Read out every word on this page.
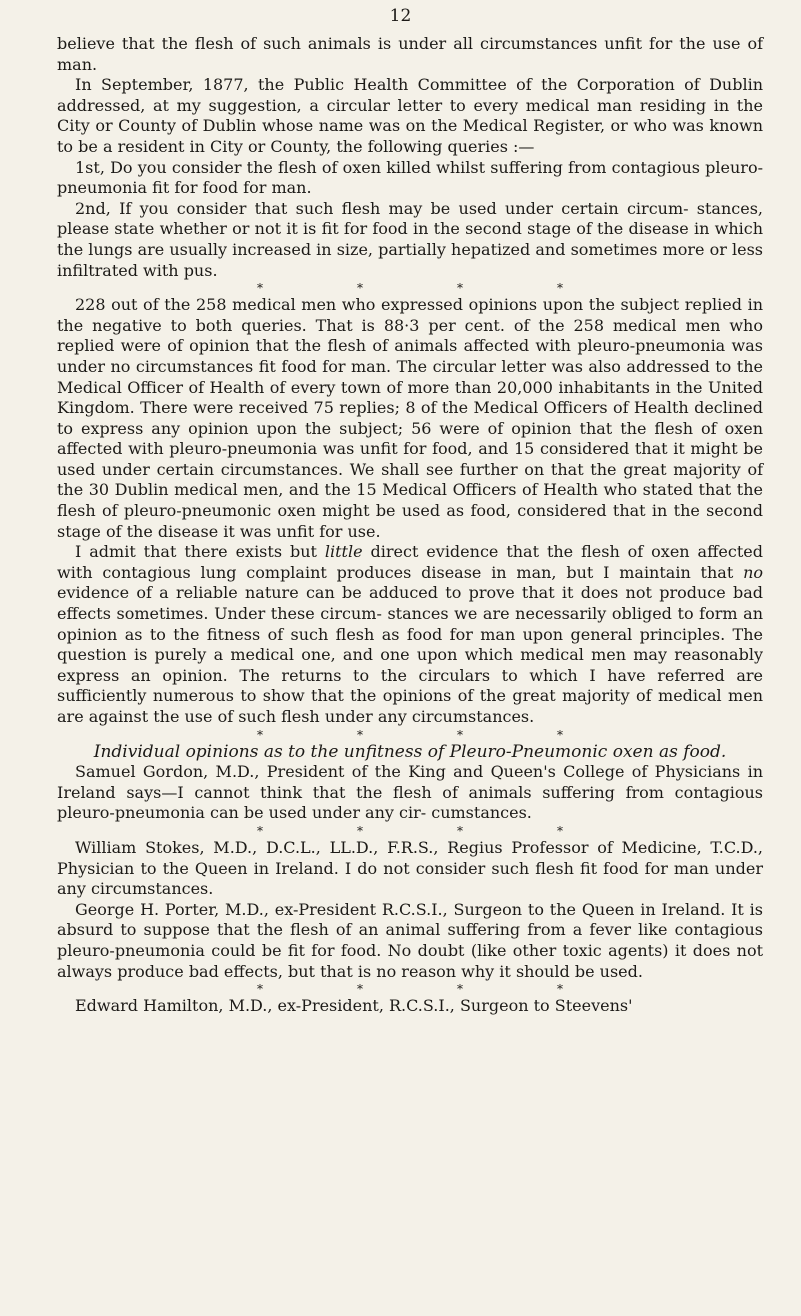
12

believe that the flesh of such animals is under all circumstances unfit for the use of man.

In September, 1877, the Public Health Committee of the Corporation of Dublin addressed, at my suggestion, a circular letter to every medical man residing in the City or County of Dublin whose name was on the Medical Register, or who was known to be a resident in City or County, the following queries :—

1st, Do you consider the flesh of oxen killed whilst suffering from contagious pleuro-pneumonia fit for food for man.

2nd, If you consider that such flesh may be used under certain circum- stances, please state whether or not it is fit for food in the second stage of the disease in which the lungs are usually increased in size, partially hepatized and sometimes more or less infiltrated with pus.

*	*	*	*

228 out of the 258 medical men who expressed opinions upon the subject replied in the negative to both queries. That is 88·3 per cent. of the 258 medical men who replied were of opinion that the flesh of animals affected with pleuro-pneumonia was under no circumstances fit food for man. The circular letter was also addressed to the Medical Officer of Health of every town of more than 20,000 inhabitants in the United Kingdom. There were received 75 replies; 8 of the Medical Officers of Health declined to express any opinion upon the subject; 56 were of opinion that the flesh of oxen affected with pleuro-pneumonia was unfit for food, and 15 considered that it might be used under certain circumstances. We shall see further on that the great majority of the 30 Dublin medical men, and the 15 Medical Officers of Health who stated that the flesh of pleuro-pneumonic oxen might be used as food, considered that in the second stage of the disease it was unfit for use.

I admit that there exists but little direct evidence that the flesh of oxen affected with contagious lung complaint produces disease in man, but I maintain that no evidence of a reliable nature can be adduced to prove that it does not produce bad effects sometimes. Under these circum- stances we are necessarily obliged to form an opinion as to the fitness of such flesh as food for man upon general principles. The question is purely a medical one, and one upon which medical men may reasonably express an opinion. The returns to the circulars to which I have referred are sufficiently numerous to show that the opinions of the great majority of medical men are against the use of such flesh under any circumstances.

*	*	*	*

Individual opinions as to the unfitness of Pleuro-Pneumonic oxen as food.

Samuel Gordon, M.D., President of the King and Queen's College of Physicians in Ireland says—I cannot think that the flesh of animals suffering from contagious pleuro-pneumonia can be used under any cir- cumstances.

*	*	*	*

William Stokes, M.D., D.C.L., LL.D., F.R.S., Regius Professor of Medicine, T.C.D., Physician to the Queen in Ireland. I do not consider such flesh fit food for man under any circumstances.

George H. Porter, M.D., ex-President R.C.S.I., Surgeon to the Queen in Ireland. It is absurd to suppose that the flesh of an animal suffering from a fever like contagious pleuro-pneumonia could be fit for food. No doubt (like other toxic agents) it does not always produce bad effects, but that is no reason why it should be used.

*	*	*	*

Edward Hamilton, M.D., ex-President, R.C.S.I., Surgeon to Steevens'
